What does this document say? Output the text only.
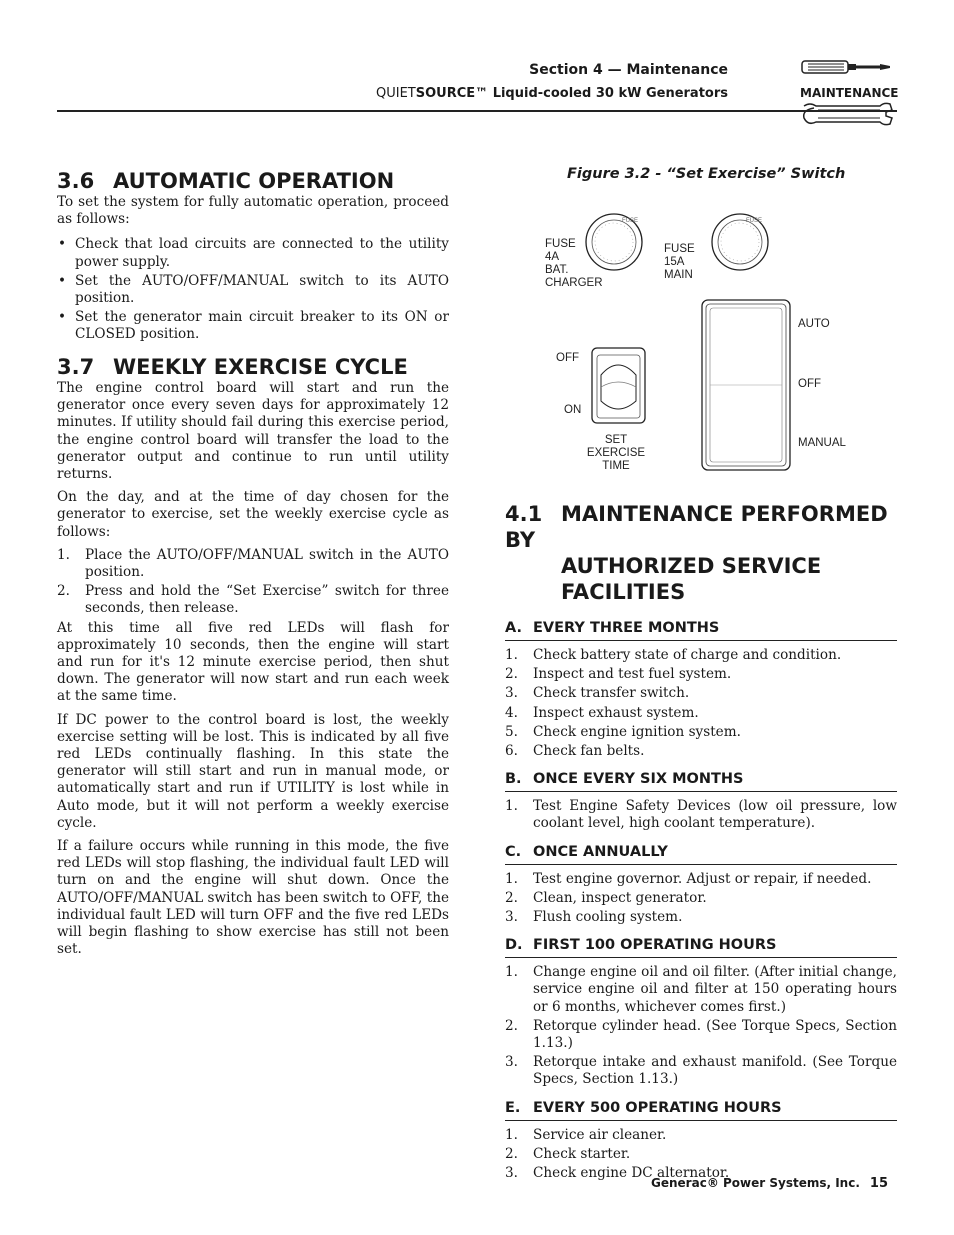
Section 4 — Maintenance
QUIETSOURCE™ Liquid-cooled 30 kW Generators	MAINTENANCE
3.6 AUTOMATIC OPERATION

To set the system for fully automatic operation, proceed as follows:

• Check that load circuits are connected to the utility power supply.
• Set the AUTO/OFF/MANUAL switch to its AUTO position.
• Set the generator main circuit breaker to its ON or CLOSED position.
3.7 WEEKLY EXERCISE CYCLE

The engine control board will start and run the generator once every seven days for approximately 12 minutes. If utility should fail during this exercise period, the engine control board will transfer the load to the generator output and continue to run until utility returns.

On the day, and at the time of day chosen for the generator to exercise, set the weekly exercise cycle as follows:

1. Place the AUTO/OFF/MANUAL switch in the AUTO position.
2. Press and hold the “Set Exercise” switch for three seconds, then release.

At this time all five red LEDs will flash for approximately 10 seconds, then the engine will start and run for it's 12 minute exercise period, then shut down. The generator will now start and run each week at the same time.

If DC power to the control board is lost, the weekly exercise setting will be lost. This is indicated by all five red LEDs continually flashing. In this state the generator will still start and run in manual mode, or automatically start and run if UTILITY is lost while in Auto mode, but it will not perform a weekly exercise cycle.

If a failure occurs while running in this mode, the five red LEDs will stop flashing, the individual fault LED will turn on and the engine will shut down. Once the AUTO/OFF/MANUAL switch has been switch to OFF, the individual fault LED will turn OFF and the five red LEDs will begin flashing to show exercise has still not been set.

Figure 3.2 - “Set Exercise” Switch
FUSE	FUSE
FUSE
4A
BAT.
CHARGER
FUSE
15A
MAIN
OFF
ON
SET
EXERCISE
TIME
AUTO
OFF
MANUAL
4.1 MAINTENANCE PERFORMED BY
AUTHORIZED SERVICE FACILITIES
A. EVERY THREE MONTHS
1. Check battery state of charge and condition.
2. Inspect and test fuel system.
3. Check transfer switch.
4. Inspect exhaust system.
5. Check engine ignition system.
6. Check fan belts.
B. ONCE EVERY SIX MONTHS
1. Test Engine Safety Devices (low oil pressure, low coolant level, high coolant temperature).
C. ONCE ANNUALLY
1. Test engine governor. Adjust or repair, if needed.
2. Clean, inspect generator.
3. Flush cooling system.
D. FIRST 100 OPERATING HOURS
1. Change engine oil and oil filter. (After initial change, service engine oil and filter at 150 operating hours or 6 months, whichever comes first.)
2. Retorque cylinder head. (See Torque Specs, Section 1.13.)
3. Retorque intake and exhaust manifold. (See Torque Specs, Section 1.13.)
E. EVERY 500 OPERATING HOURS
1. Service air cleaner.
2. Check starter.
3. Check engine DC alternator.
Generac® Power Systems, Inc. 15
